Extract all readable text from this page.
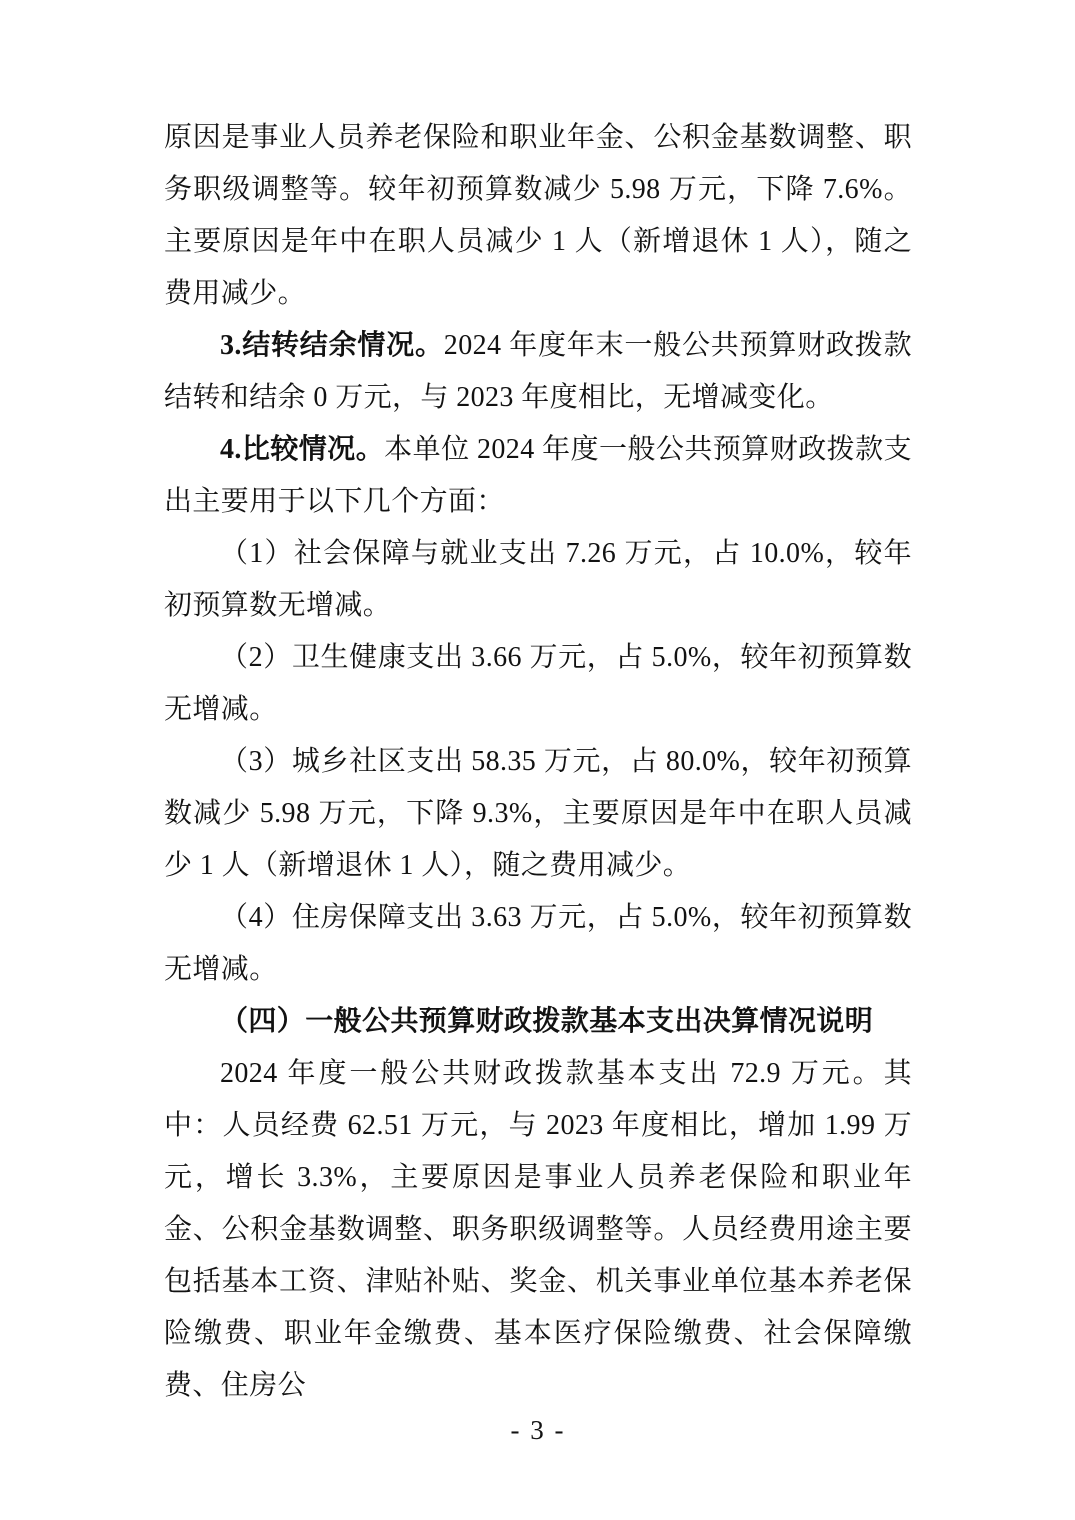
原因是事业人员养老保险和职业年金、公积金基数调整、职务职级调整等。较年初预算数减少 5.98 万元，下降 7.6%。主要原因是年中在职人员减少 1 人（新增退休 1 人），随之费用减少。

3.结转结余情况。2024 年度年末一般公共预算财政拨款结转和结余 0 万元，与 2023 年度相比，无增减变化。

4.比较情况。本单位 2024 年度一般公共预算财政拨款支出主要用于以下几个方面：

（1）社会保障与就业支出 7.26 万元，占 10.0%，较年初预算数无增减。

（2）卫生健康支出 3.66 万元，占 5.0%，较年初预算数无增减。

（3）城乡社区支出 58.35 万元，占 80.0%，较年初预算数减少 5.98 万元，下降 9.3%，主要原因是年中在职人员减少 1 人（新增退休 1 人），随之费用减少。

（4）住房保障支出 3.63 万元，占 5.0%，较年初预算数无增减。

（四）一般公共预算财政拨款基本支出决算情况说明

2024 年度一般公共财政拨款基本支出 72.9 万元。其中：人员经费 62.51 万元，与 2023 年度相比，增加 1.99 万元，增长 3.3%，主要原因是事业人员养老保险和职业年金、公积金基数调整、职务职级调整等。人员经费用途主要包括基本工资、津贴补贴、奖金、机关事业单位基本养老保险缴费、职业年金缴费、基本医疗保险缴费、社会保障缴费、住房公

- 3 -
